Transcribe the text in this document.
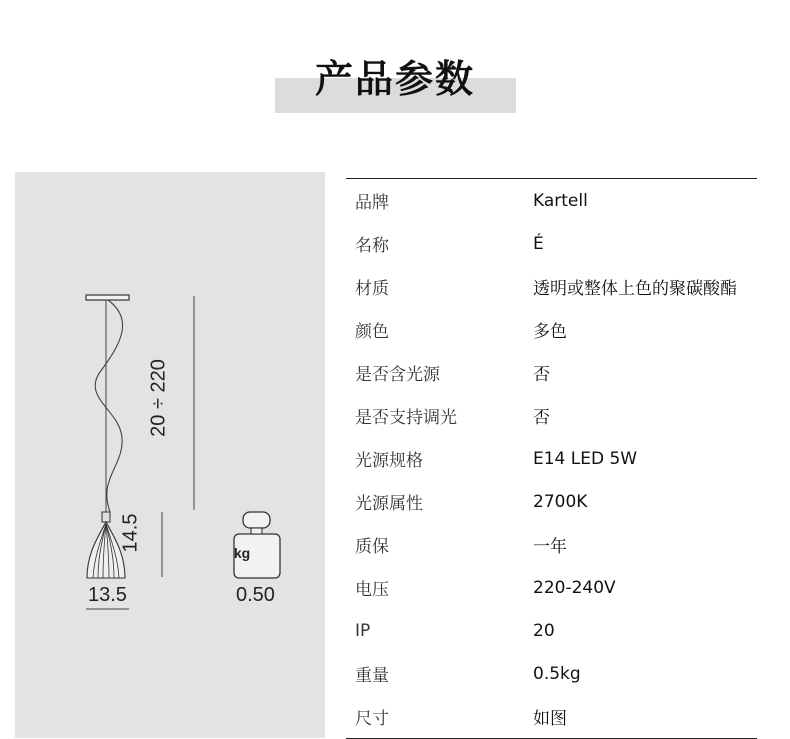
产品参数
kg
20 ÷ 220
14.5
13.5	0.50
品牌	Kartell
名称	É
材质	透明或整体上色的聚碳酸酯
颜色	多色
是否含光源	否
是否支持调光	否
光源规格	E14 LED 5W
光源属性	2700K
质保	一年
电压	220-240V
IP	20
重量	0.5kg
尺寸	如图
